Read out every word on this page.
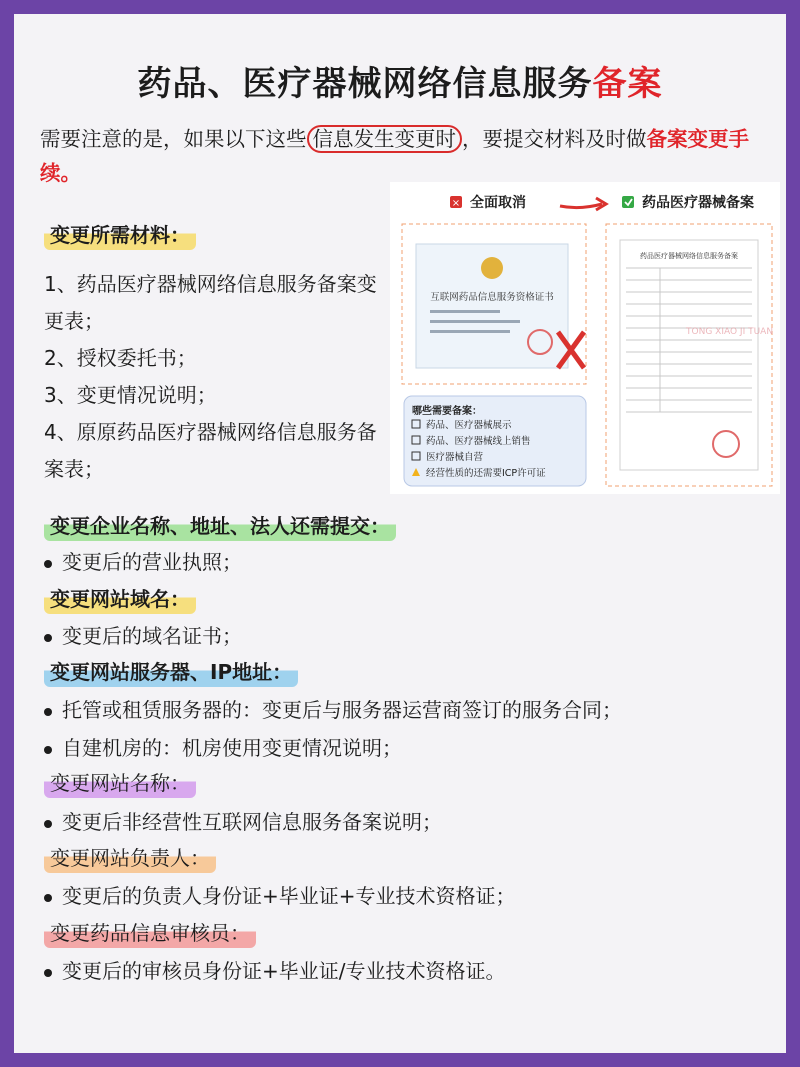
药品、医疗器械网络信息服务备案
需要注意的是，如果以下这些 信息发生变更时 ，要提交材料及时做备案变更手续。
变更所需材料：
1、药品医疗器械网络信息服务备案变更表；
2、授权委托书；
3、变更情况说明；
4、原原药品医疗器械网络信息服务备案表；
× 全面取消	药品医疗器械备案
互联网药品信息服务资格证书
哪些需要备案：
药品、医疗器械展示
药品、医疗器械线上销售
医疗器械自营
经营性质的还需要ICP许可证
药品医疗器械网络信息服务备案
TONG XIAO JI TUAN
变更企业名称、地址、法人还需提交：
变更后的营业执照；
变更网站域名：
变更后的域名证书；
变更网站服务器、IP地址：
托管或租赁服务器的：变更后与服务器运营商签订的服务合同；
自建机房的：机房使用变更情况说明；
变更网站名称：
变更后非经营性互联网信息服务备案说明；
变更网站负责人：
变更后的负责人身份证+毕业证+专业技术资格证；
变更药品信息审核员：
变更后的审核员身份证+毕业证/专业技术资格证。
